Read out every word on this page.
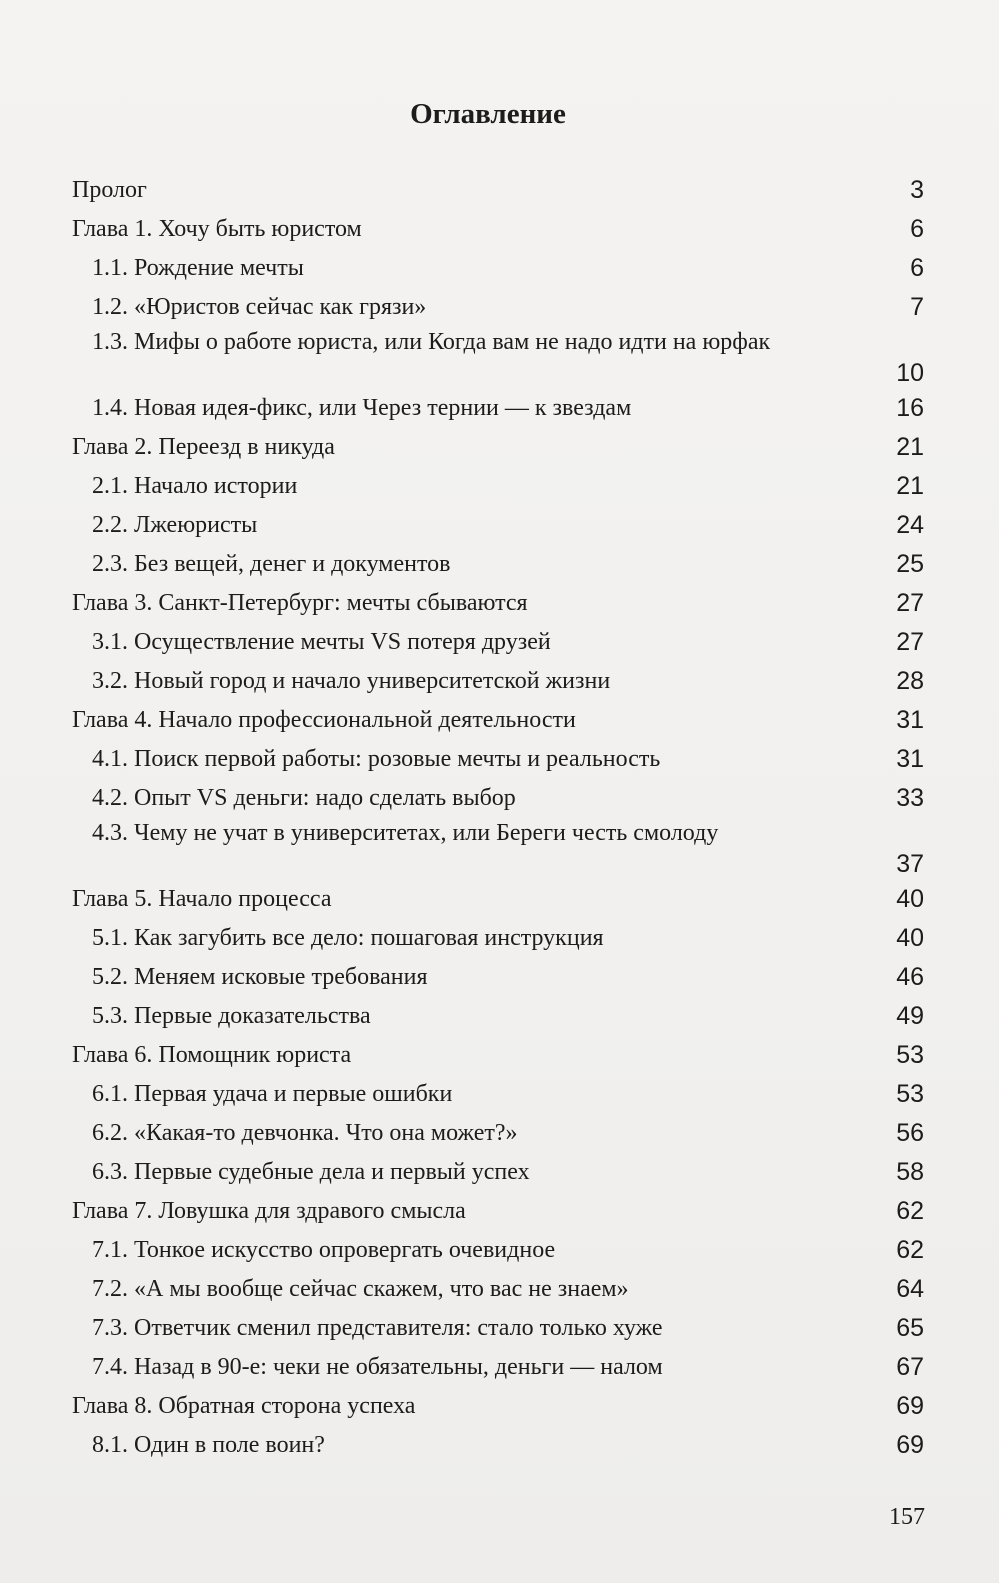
Оглавление
Пролог	3
Глава 1. Хочу быть юристом	6
1.1. Рождение мечты	6
1.2. «Юристов сейчас как грязи»	7
1.3. Мифы о работе юриста, или Когда вам не надо идти на юрфак
10
1.4. Новая идея-фикс, или Через тернии — к звездам	16
Глава 2. Переезд в никуда	21
2.1. Начало истории	21
2.2. Лжеюристы	24
2.3. Без вещей, денег и документов	25
Глава 3. Санкт-Петербург: мечты сбываются	27
3.1. Осуществление мечты VS потеря друзей	27
3.2. Новый город и начало университетской жизни	28
Глава 4. Начало профессиональной деятельности	31
4.1. Поиск первой работы: розовые мечты и реальность	31
4.2. Опыт VS деньги: надо сделать выбор	33
4.3. Чему не учат в университетах, или Береги честь смолоду
37
Глава 5. Начало процесса	40
5.1. Как загубить все дело: пошаговая инструкция	40
5.2. Меняем исковые требования	46
5.3. Первые доказательства	49
Глава 6. Помощник юриста	53
6.1. Первая удача и первые ошибки	53
6.2. «Какая-то девчонка. Что она может?»	56
6.3. Первые судебные дела и первый успех	58
Глава 7. Ловушка для здравого смысла	62
7.1. Тонкое искусство опровергать очевидное	62
7.2. «А мы вообще сейчас скажем, что вас не знаем»	64
7.3. Ответчик сменил представителя: стало только хуже	65
7.4. Назад в 90-е: чеки не обязательны, деньги — налом	67
Глава 8. Обратная сторона успеха	69
8.1. Один в поле воин?	69
157
